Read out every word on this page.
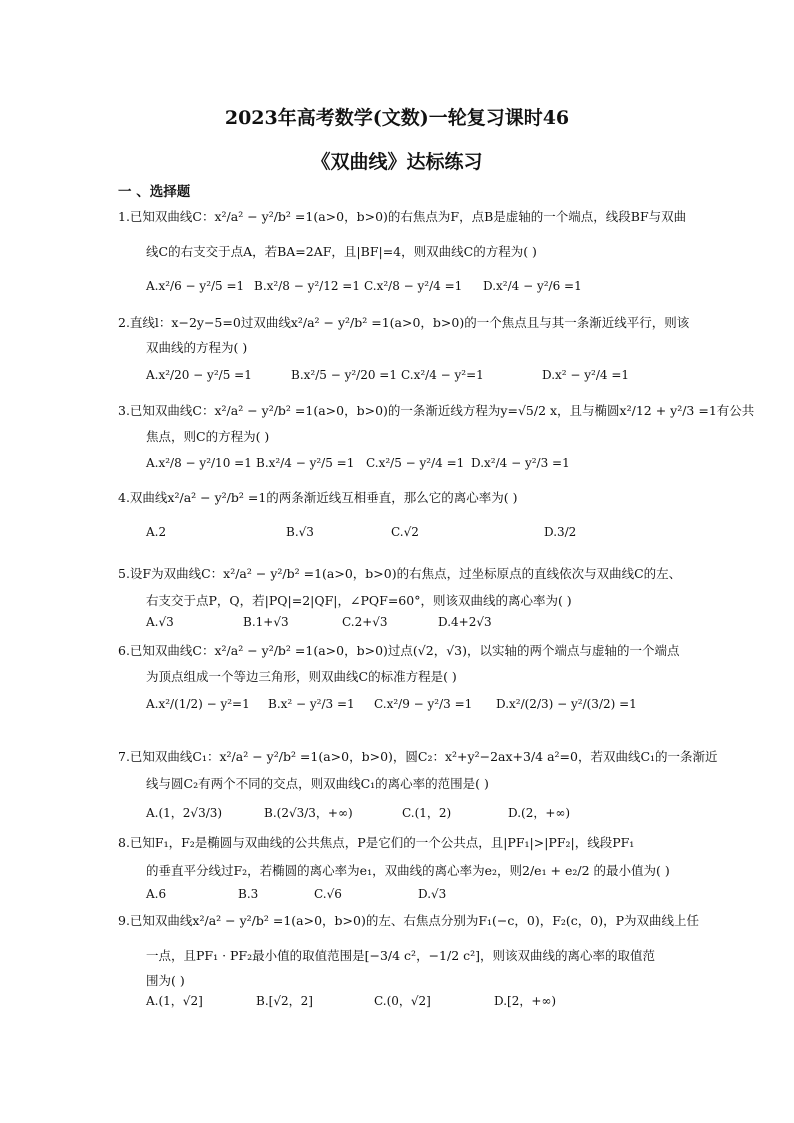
2023年高考数学(文数)一轮复习课时46
《双曲线》达标练习
一 、选择题
1.已知双曲线C：x²/a² − y²/b² =1(a>0，b>0)的右焦点为F，点B是虚轴的一个端点，线段BF与双曲
线C的右支交于点A，若BA=2AF，且|BF|=4，则双曲线C的方程为( )
A.x²/6 − y²/5 =1 B.x²/8 − y²/12 =1 C.x²/8 − y²/4 =1 D.x²/4 − y²/6 =1
2.直线l：x−2y−5=0过双曲线x²/a² − y²/b² =1(a>0，b>0)的一个焦点且与其一条渐近线平行，则该
双曲线的方程为( )
A.x²/20 − y²/5 =1	B.x²/5 − y²/20 =1 C.x²/4 − y²=1	D.x² − y²/4 =1
3.已知双曲线C：x²/a² − y²/b² =1(a>0，b>0)的一条渐近线方程为y=√5/2 x，且与椭圆x²/12 + y²/3 =1有公共
焦点，则C的方程为( )
A.x²/8 − y²/10 =1 B.x²/4 − y²/5 =1 C.x²/5 − y²/4 =1 D.x²/4 − y²/3 =1
4.双曲线x²/a² − y²/b² =1的两条渐近线互相垂直，那么它的离心率为( )
A.2	B.√3	C.√2	D.3/2
5.设F为双曲线C：x²/a² − y²/b² =1(a>0，b>0)的右焦点，过坐标原点的直线依次与双曲线C的左、
右支交于点P，Q，若|PQ|=2|QF|，∠PQF=60°，则该双曲线的离心率为( )
A.√3	B.1+√3	C.2+√3	D.4+2√3
6.已知双曲线C：x²/a² − y²/b² =1(a>0，b>0)过点(√2，√3)，以实轴的两个端点与虚轴的一个端点
为顶点组成一个等边三角形，则双曲线C的标准方程是( )
A.x²/(1/2) − y²=1 B.x² − y²/3 =1 C.x²/9 − y²/3 =1 D.x²/(2/3) − y²/(3/2) =1
7.已知双曲线C₁：x²/a² − y²/b² =1(a>0，b>0)，圆C₂：x²+y²−2ax+3/4 a²=0，若双曲线C₁的一条渐近
线与圆C₂有两个不同的交点，则双曲线C₁的离心率的范围是( )
A.(1，2√3/3)	B.(2√3/3，+∞)	C.(1，2)	D.(2，+∞)
8.已知F₁，F₂是椭圆与双曲线的公共焦点，P是它们的一个公共点，且|PF₁|>|PF₂|，线段PF₁
的垂直平分线过F₂，若椭圆的离心率为e₁，双曲线的离心率为e₂，则2/e₁ + e₂/2 的最小值为( )
A.6	B.3	C.√6	D.√3
9.已知双曲线x²/a² − y²/b² =1(a>0，b>0)的左、右焦点分别为F₁(−c，0)，F₂(c，0)，P为双曲线上任
一点，且PF₁ · PF₂最小值的取值范围是[−3/4 c²，−1/2 c²]，则该双曲线的离心率的取值范
围为( )
A.(1，√2]	B.[√2，2]	C.(0，√2]	D.[2，+∞)
